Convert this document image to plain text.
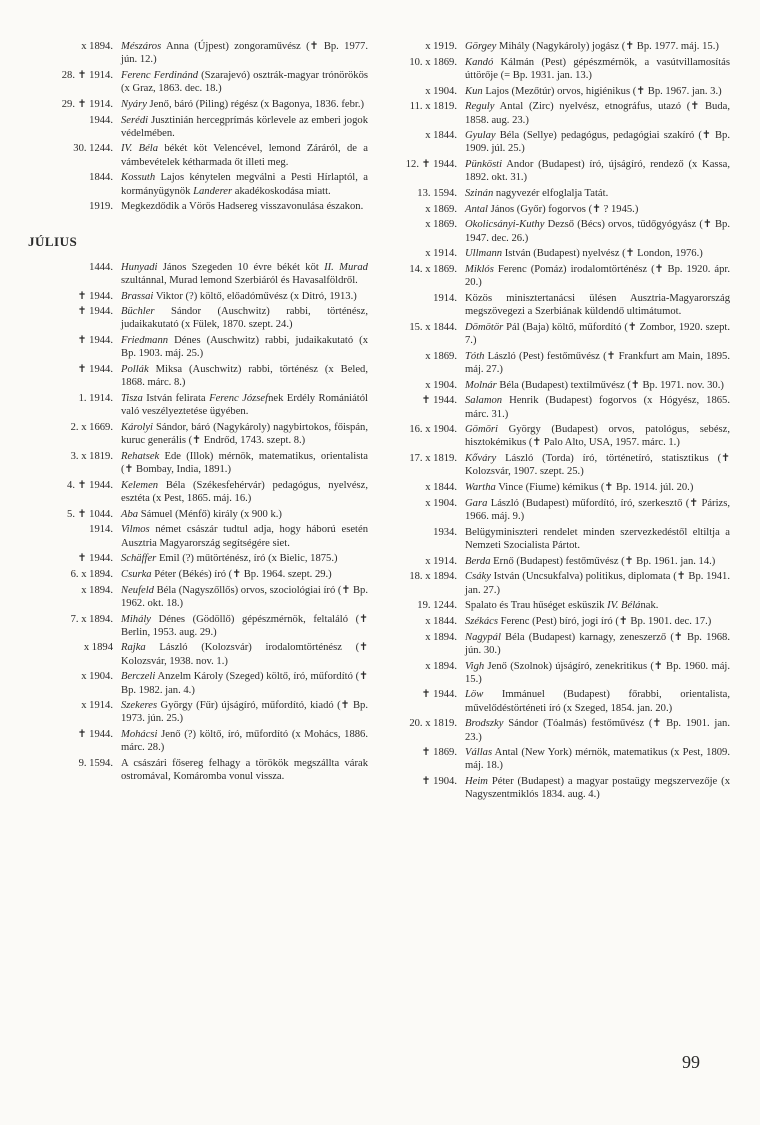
x 1894. Mészáros Anna (Újpest) zongoraművész (✝ Bp. 1977. jún. 12.)
28. ✝ 1914. Ferenc Ferdinánd (Szarajevó) osztrák-magyar trónörökös (x Graz, 1863. dec. 18.)
29. ✝ 1914. Nyáry Jenő, báró (Piling) régész (x Bagonya, 1836. febr.)
1944. Serédi Jusztinián hercegprímás körlevele az emberi jogok védelmében.
30. 1244. IV. Béla békét köt Velencével, lemond Záráról, de a vámbevételek kétharmada őt illeti meg.
1844. Kossuth Lajos kénytelen megválni a Pesti Hírlaptól, a kormányügynök Landerer akadékoskodása miatt.
1919. Megkezdődik a Vörös Hadsereg visszavonulása északon.
JÚLIUS
1444. Hunyadi János Szegeden 10 évre békét köt II. Murad szultánnal, Murad lemond Szerbiáról és Havasalföldről.
✝ 1944. Brassai Viktor (?) költő, előadóművész (x Ditró, 1913.)
✝ 1944. Büchler Sándor (Auschwitz) rabbi, történész, judaikakutató (x Fülek, 1870. szept. 24.)
✝ 1944. Friedmann Dénes (Auschwitz) rabbi, judaikakutató (x Bp. 1903. máj. 25.)
✝ 1944. Pollák Miksa (Auschwitz) rabbi, történész (x Beled, 1868. márc. 8.)
1. 1914. Tisza István felirata Ferenc Józsefnek Erdély Romániától való veszélyeztetése ügyében.
2. x 1669. Károlyi Sándor, báró (Nagykároly) nagybirtokos, főispán, kuruc generális (✝ Endrőd, 1743. szept. 8.)
3. x 1819. Rehatsek Ede (Illok) mérnök, matematikus, orientalista (✝ Bombay, India, 1891.)
4. ✝ 1944. Kelemen Béla (Székesfehérvár) pedagógus, nyelvész, esztéta (x Pest, 1865. máj. 16.)
5. ✝ 1044. Aba Sámuel (Ménfő) király (x 900 k.)
1914. Vilmos német császár tudtul adja, hogy háború esetén Ausztria Magyarország segítségére siet.
✝ 1944. Schäffer Emil (?) műtörténész, író (x Bielic, 1875.)
6. x 1894. Csurka Péter (Békés) író (✝ Bp. 1964. szept. 29.)
x 1894. Neufeld Béla (Nagyszőllős) orvos, szociológiai író (✝ Bp. 1962. okt. 18.)
7. x 1894. Mihály Dénes (Gödöllő) gépészmérnök, feltaláló (✝ Berlin, 1953. aug. 29.)
x 1894 Rajka László (Kolozsvár) irodalomtörténész (✝ Kolozsvár, 1938. nov. 1.)
x 1904. Berczeli Anzelm Károly (Szeged) költő, író, műfordító (✝ Bp. 1982. jan. 4.)
x 1914. Szekeres György (Fűr) újságíró, műfordító, kiadó (✝ Bp. 1973. jún. 25.)
✝ 1944. Mohácsi Jenő (?) költő, író, műfordító (x Mohács, 1886. márc. 28.)
9. 1594. A császári fősereg felhagy a törökök megszállta várak ostromával, Komáromba vonul vissza.
x 1919. Görgey Mihály (Nagykároly) jogász (✝ Bp. 1977. máj. 15.)
10. x 1869. Kandó Kálmán (Pest) gépészmérnök, a vasútvillamosítás úttörője (= Bp. 1931. jan. 13.)
x 1904. Kun Lajos (Mezőtúr) orvos, higiénikus (✝ Bp. 1967. jan. 3.)
11. x 1819. Reguly Antal (Zirc) nyelvész, etnográfus, utazó (✝ Buda, 1858. aug. 23.)
x 1844. Gyulay Béla (Sellye) pedagógus, pedagógiai szakíró (✝ Bp. 1909. júl. 25.)
12. ✝ 1944. Pünkösti Andor (Budapest) író, újságíró, rendező (x Kassa, 1892. okt. 31.)
13. 1594. Szinán nagyvezér elfoglalja Tatát.
x 1869. Antal János (Győr) fogorvos (✝ ? 1945.)
x 1869. Okolicsányi-Kuthy Dezső (Bécs) orvos, tüdőgyógyász (✝ Bp. 1947. dec. 26.)
x 1914. Ullmann István (Budapest) nyelvész (✝ London, 1976.)
14. x 1869. Miklós Ferenc (Pomáz) irodalomtörténész (✝ Bp. 1920. ápr. 20.)
1914. Közös minisztertanácsi ülésen Ausztria-Magyarország megszövegezi a Szerbiának küldendő ultimátumot.
15. x 1844. Dömötör Pál (Baja) költő, műfordító (✝ Zombor, 1920. szept. 7.)
x 1869. Tóth László (Pest) festőművész (✝ Frankfurt am Main, 1895. máj. 27.)
x 1904. Molnár Béla (Budapest) textilművész (✝ Bp. 1971. nov. 30.)
✝ 1944. Salamon Henrik (Budapest) fogorvos (x Hógyész, 1865. márc. 31.)
16. x 1904. Gömöri György (Budapest) orvos, patológus, sebész, hisztokémikus (✝ Palo Alto, USA, 1957. márc. 1.)
17. x 1819. Kőváry László (Torda) író, történetíró, statisztikus (✝ Kolozsvár, 1907. szept. 25.)
x 1844. Wartha Vince (Fiume) kémikus (✝ Bp. 1914. júl. 20.)
x 1904. Gara László (Budapest) műfordító, író, szerkesztő (✝ Párizs, 1966. máj. 9.)
1934. Belügyminiszteri rendelet minden szervezkedéstől eltiltja a Nemzeti Szocialista Pártot.
x 1914. Berda Ernő (Budapest) festőművész (✝ Bp. 1961. jan. 14.)
18. x 1894. Csáky István (Uncsukfalva) politikus, diplomata (✝ Bp. 1941. jan. 27.)
19. 1244. Spalato és Trau hűséget esküszik IV. Bélának.
x 1844. Székács Ferenc (Pest) bíró, jogi író (✝ Bp. 1901. dec. 17.)
x 1894. Nagypál Béla (Budapest) karnagy, zeneszerző (✝ Bp. 1968. jún. 30.)
x 1894. Vigh Jenő (Szolnok) újságíró, zenekritikus (✝ Bp. 1960. máj. 15.)
✝ 1944. Löw Immánuel (Budapest) főrabbi, orientalista, művelődéstörténeti író (x Szeged, 1854. jan. 20.)
20. x 1819. Brodszky Sándor (Tóalmás) festőművész (✝ Bp. 1901. jan. 23.)
✝ 1869. Vállas Antal (New York) mérnök, matematikus (x Pest, 1809. máj. 18.)
✝ 1904. Heim Péter (Budapest) a magyar postaügy megszervezője (x Nagyszentmiklós 1834. aug. 4.)
99
